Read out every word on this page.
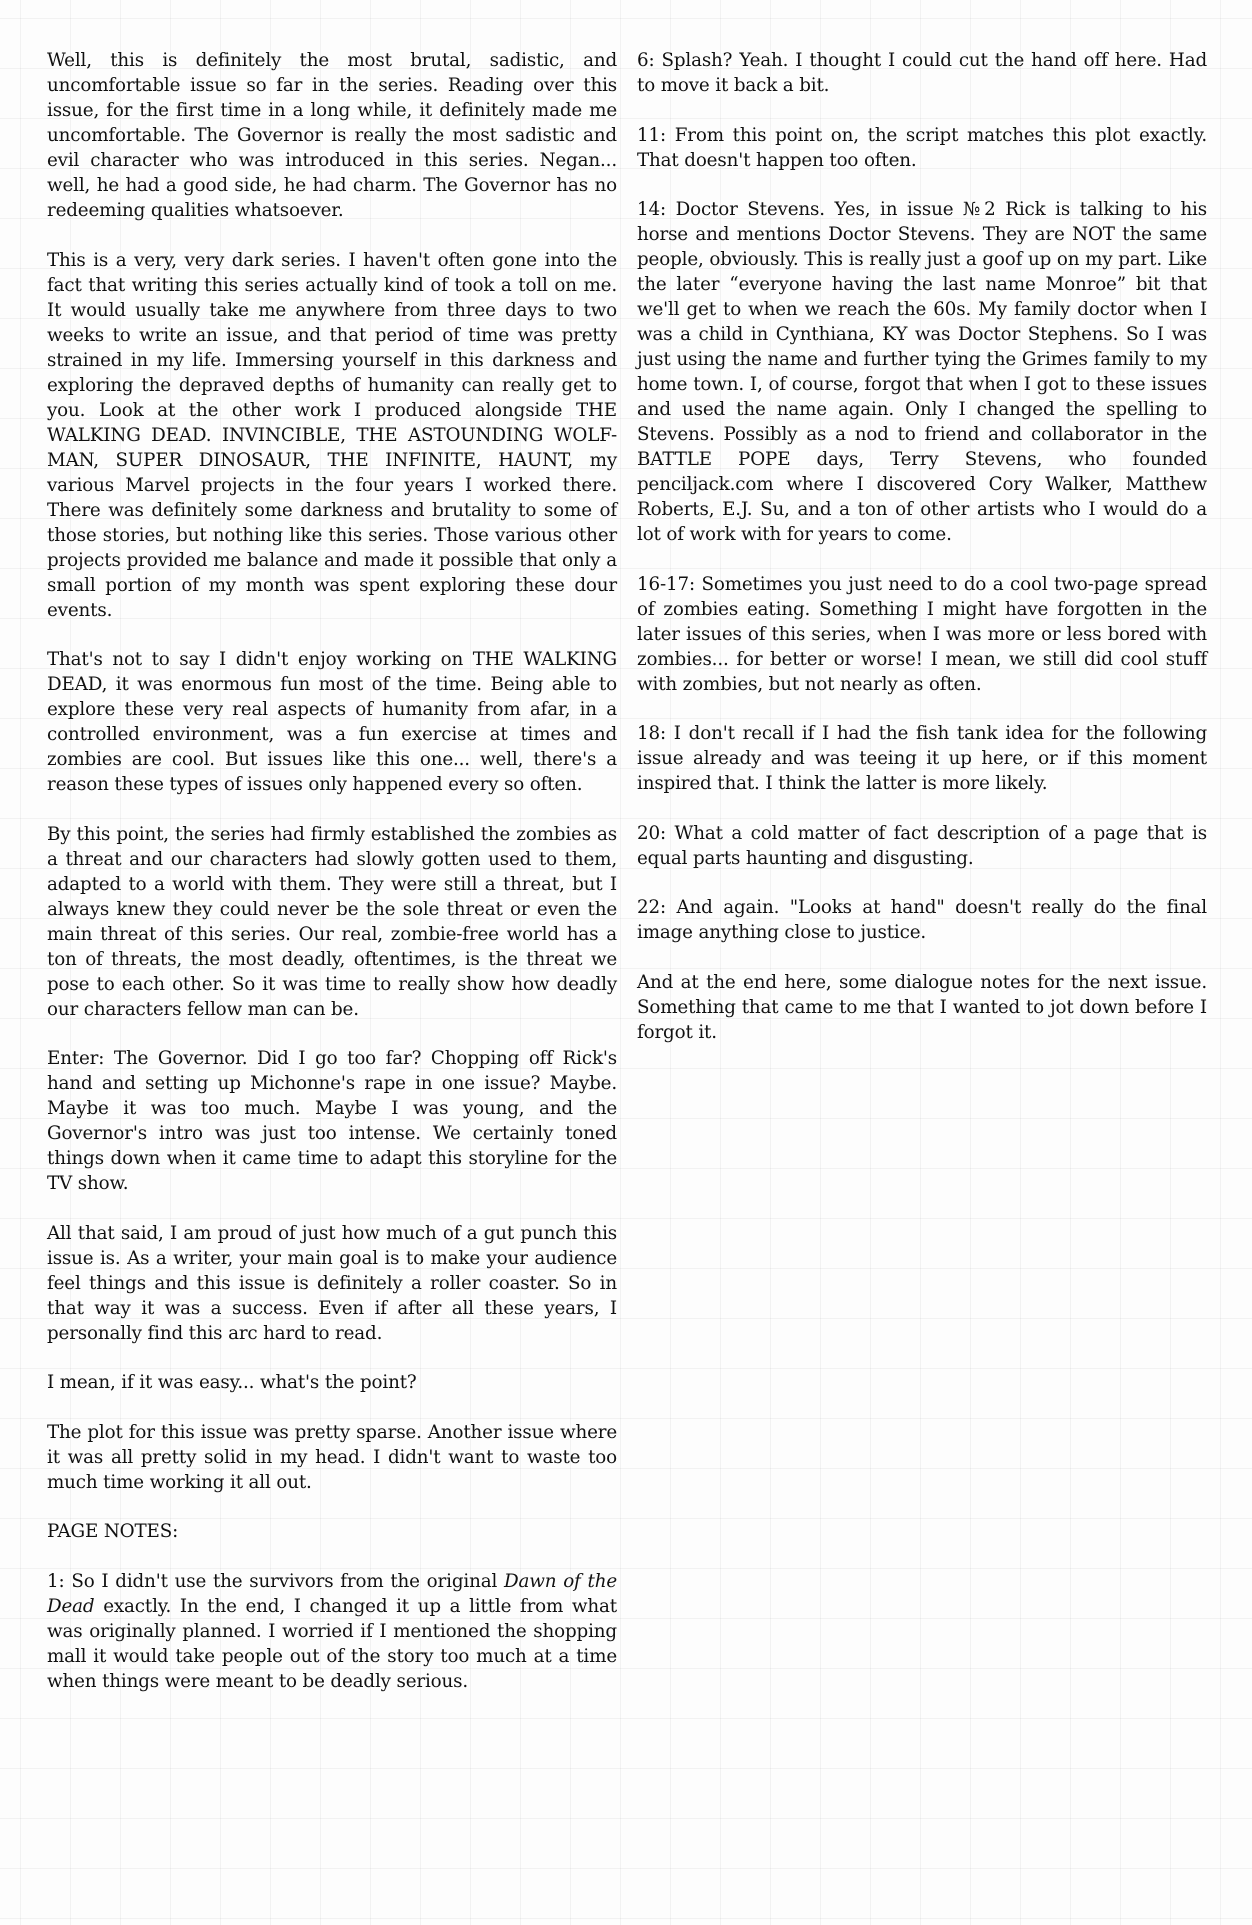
Well, this is definitely the most brutal, sadistic, and uncomfortable issue so far in the series. Reading over this issue, for the first time in a long while, it definitely made me uncomfortable. The Governor is really the most sadistic and evil character who was introduced in this series. Negan... well, he had a good side, he had charm. The Governor has no redeeming qualities whatsoever.

This is a very, very dark series. I haven't often gone into the fact that writing this series actually kind of took a toll on me. It would usually take me anywhere from three days to two weeks to write an issue, and that period of time was pretty strained in my life. Immersing yourself in this darkness and exploring the depraved depths of humanity can really get to you. Look at the other work I produced alongside THE WALKING DEAD. INVINCIBLE, THE ASTOUNDING WOLF-MAN, SUPER DINOSAUR, THE INFINITE, HAUNT, my various Marvel projects in the four years I worked there. There was definitely some darkness and brutality to some of those stories, but nothing like this series. Those various other projects provided me balance and made it possible that only a small portion of my month was spent exploring these dour events.

That's not to say I didn't enjoy working on THE WALKING DEAD, it was enormous fun most of the time. Being able to explore these very real aspects of humanity from afar, in a controlled environment, was a fun exercise at times and zombies are cool. But issues like this one... well, there's a reason these types of issues only happened every so often.

By this point, the series had firmly established the zombies as a threat and our characters had slowly gotten used to them, adapted to a world with them. They were still a threat, but I always knew they could never be the sole threat or even the main threat of this series. Our real, zombie-free world has a ton of threats, the most deadly, oftentimes, is the threat we pose to each other. So it was time to really show how deadly our characters fellow man can be.

Enter: The Governor. Did I go too far? Chopping off Rick's hand and setting up Michonne's rape in one issue? Maybe. Maybe it was too much. Maybe I was young, and the Governor's intro was just too intense. We certainly toned things down when it came time to adapt this storyline for the TV show.

All that said, I am proud of just how much of a gut punch this issue is. As a writer, your main goal is to make your audience feel things and this issue is definitely a roller coaster. So in that way it was a success. Even if after all these years, I personally find this arc hard to read.

I mean, if it was easy... what's the point?

The plot for this issue was pretty sparse. Another issue where it was all pretty solid in my head. I didn't want to waste too much time working it all out.

PAGE NOTES:

1: So I didn't use the survivors from the original Dawn of the Dead exactly. In the end, I changed it up a little from what was originally planned. I worried if I mentioned the shopping mall it would take people out of the story too much at a time when things were meant to be deadly serious.

6: Splash? Yeah. I thought I could cut the hand off here. Had to move it back a bit.

11: From this point on, the script matches this plot exactly. That doesn't happen too often.

14: Doctor Stevens. Yes, in issue №2 Rick is talking to his horse and mentions Doctor Stevens. They are NOT the same people, obviously. This is really just a goof up on my part. Like the later “everyone having the last name Monroe” bit that we'll get to when we reach the 60s. My family doctor when I was a child in Cynthiana, KY was Doctor Stephens. So I was just using the name and further tying the Grimes family to my home town. I, of course, forgot that when I got to these issues and used the name again. Only I changed the spelling to Stevens. Possibly as a nod to friend and collaborator in the BATTLE POPE days, Terry Stevens, who founded penciljack.com where I discovered Cory Walker, Matthew Roberts, E.J. Su, and a ton of other artists who I would do a lot of work with for years to come.

16-17: Sometimes you just need to do a cool two-page spread of zombies eating. Something I might have forgotten in the later issues of this series, when I was more or less bored with zombies... for better or worse! I mean, we still did cool stuff with zombies, but not nearly as often.

18: I don't recall if I had the fish tank idea for the following issue already and was teeing it up here, or if this moment inspired that. I think the latter is more likely.

20: What a cold matter of fact description of a page that is equal parts haunting and disgusting.

22: And again. "Looks at hand" doesn't really do the final image anything close to justice.

And at the end here, some dialogue notes for the next issue. Something that came to me that I wanted to jot down before I forgot it.
